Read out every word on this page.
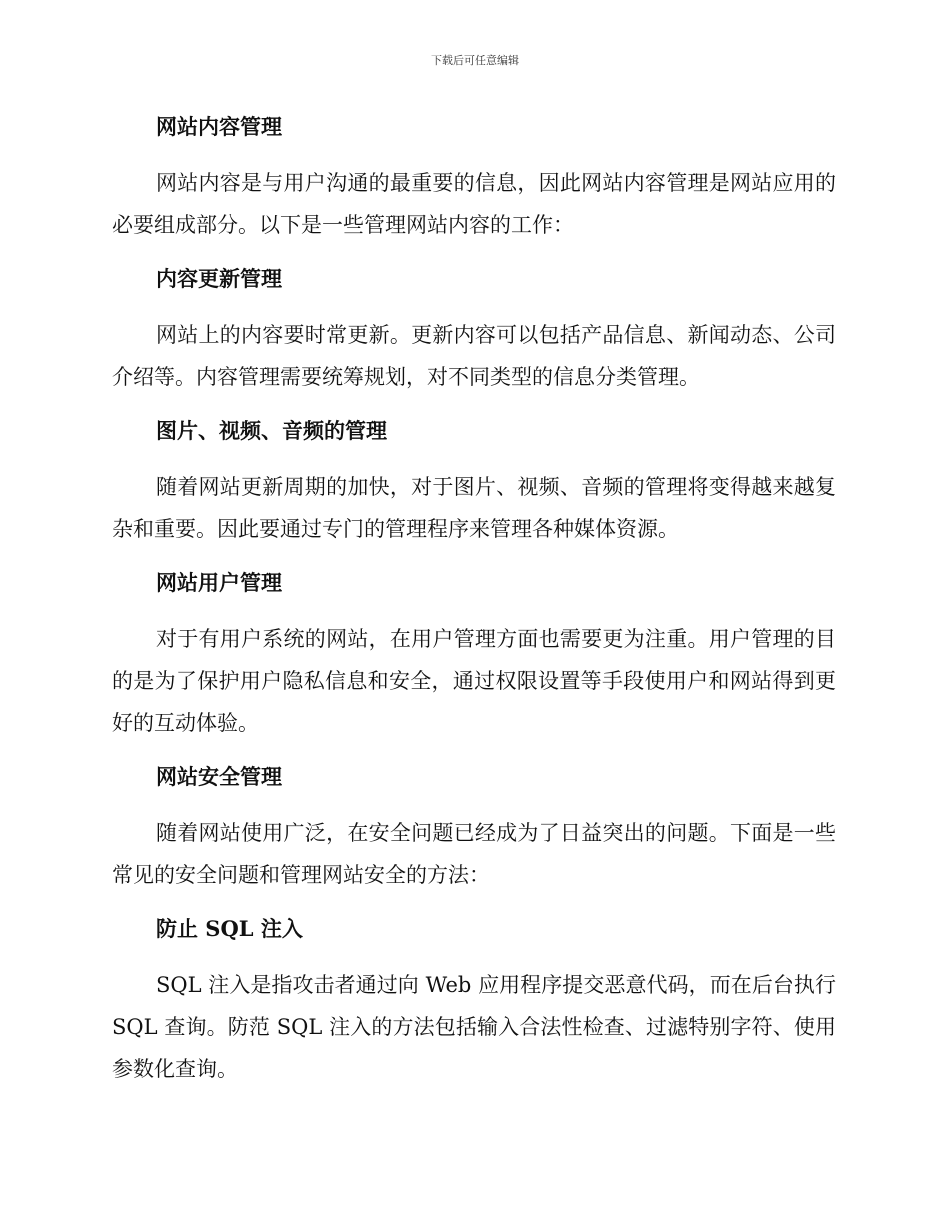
下载后可任意编辑
网站内容管理

网站内容是与用户沟通的最重要的信息，因此网站内容管理是网站应用的必要组成部分。以下是一些管理网站内容的工作：

内容更新管理

网站上的内容要时常更新。更新内容可以包括产品信息、新闻动态、公司介绍等。内容管理需要统筹规划，对不同类型的信息分类管理。

图片、视频、音频的管理

随着网站更新周期的加快，对于图片、视频、音频的管理将变得越来越复杂和重要。因此要通过专门的管理程序来管理各种媒体资源。

网站用户管理

对于有用户系统的网站，在用户管理方面也需要更为注重。用户管理的目的是为了保护用户隐私信息和安全，通过权限设置等手段使用户和网站得到更好的互动体验。

网站安全管理

随着网站使用广泛，在安全问题已经成为了日益突出的问题。下面是一些常见的安全问题和管理网站安全的方法：

防止 SQL 注入

SQL 注入是指攻击者通过向 Web 应用程序提交恶意代码，而在后台执行 SQL 查询。防范 SQL 注入的方法包括输入合法性检查、过滤特别字符、使用参数化查询。
